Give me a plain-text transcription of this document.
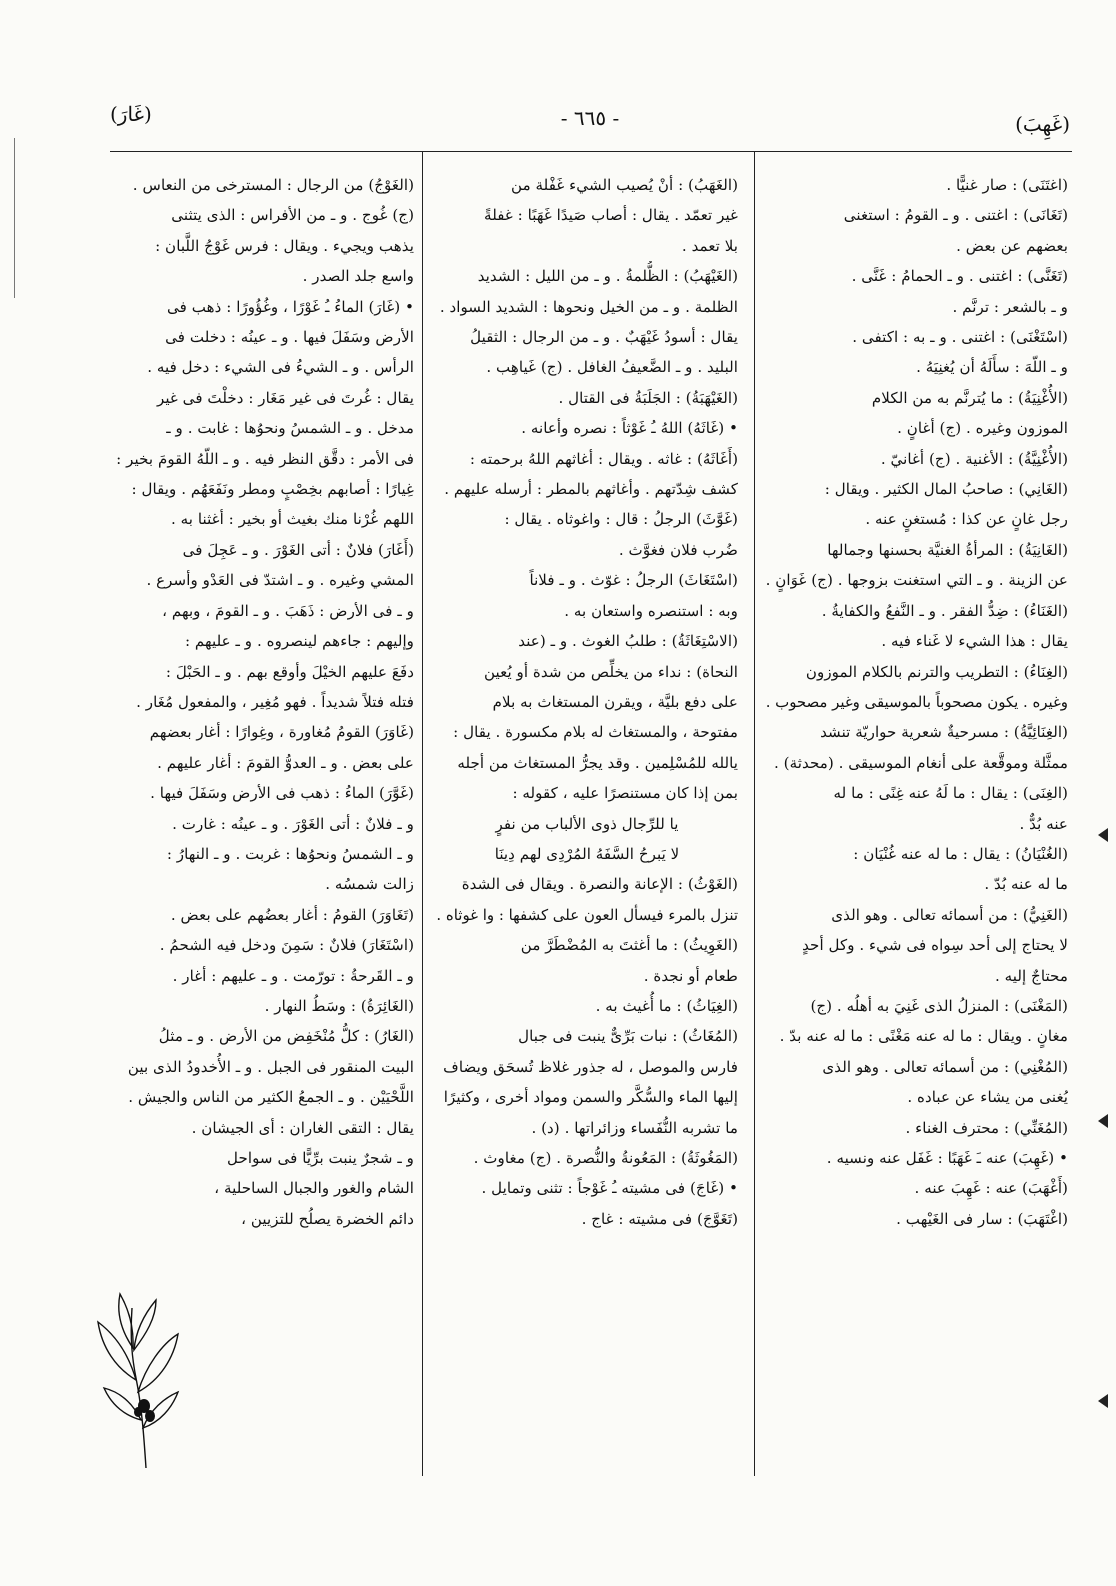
(غَهِبَ)
- ٦٦٥ -
(غَارَ)
(اغتَنَى) : صار غنيًّا .
(تَغَانَى) : اغتنى . و ـ القومُ : استغنى
بعضهم عن بعض .
(تَغَنَّى) : اغتنى . و ـ الحمامُ : غَنَّى .
و ـ بالشعر : ترنَّم .
(اسْتَغْنَى) : اغتنى . و ـ به : اكتفى .
و ـ اللّهَ : سأَلَهُ أن يُغنِيَهُ .
(الأُغْنِيَةُ) : ما يُترنَّم به من الكلام
الموزون وغيره . (ج) أغانٍ .
(الأُغْنِيَّةُ) : الأغنية . (ج) أغانيّ .
(الغَانِي) : صاحبُ المال الكثير . ويقال :
رجل غانٍ عن كذا : مُستغنٍ عنه .
(الغَانِيَةُ) : المرأةُ الغنيَّة بحسنها وجمالها
عن الزينة . و ـ التي استغنت بزوجها . (ج) غَوَانٍ .
(الغَنَاءُ) : ضِدُّ الفقر . و ـ النَّفعُ والكفايةُ .
يقال : هذا الشيء لا غَناء فيه .
(الغِنَاءُ) : التطريب والترنم بالكلام الموزون
وغيره . يكون مصحوباً بالموسيقى وغير مصحوب .
(الغِنَائِيَّةُ) : مسرحيةٌ شعرية حواريّة تنشد
ممثَّلة وموقَّعة على أنغام الموسيقى . (محدثة) .
(الغِنَى) : يقال : ما لَهُ عنه غِنًى : ما له
عنه بُدٌّ .
(الغُنْيَانُ) : يقال : ما له عنه غُنْيَان :
ما له عنه بُدّ .
(الغَنِيُّ) : من أسمائه تعالى . وهو الذى
لا يحتاج إلى أحد سِواه فى شيء . وكل أحدٍ
محتاجٌ إليه .
(المَغْنَى) : المنزلُ الذى غَنِيَ به أهلُه . (ج)
مغانٍ . ويقال : ما له عنه مَغْنًى : ما له عنه بدّ .
(المُغْنِي) : من أسمائه تعالى . وهو الذى
يُغنى من يشاء عن عباده .
(المُغَنِّي) : محترف الغناء .
• (غَهِبَ) عنه ـَ غَهَبًا : غَفَل عنه ونسيه .
(أَغْهَبَ) عنه : غَهِبَ عنه .
(اغْتَهَبَ) : سار فى الغَيْهب .
(الغَهَبُ) : أنْ يُصيب الشيء غَفْلة من
غير تعمّد . يقال : أصاب صَيدًا غَهَبًا : غفلةً
بلا تعمد .
(الغَيْهَبُ) : الظُّلمةُ . و ـ من الليل : الشديد
الظلمة . و ـ من الخيل ونحوها : الشديد السواد .
يقال : أسودُ غَيْهَبٌ . و ـ من الرجال : الثقيلُ
البليد . و ـ الضَّعيفُ الغافل . (ج) غَياهِب .
(الغَيْهَبَةُ) : الجَلَبَةُ فى القتال .
• (غَاثَهُ) اللهُ ـُ غَوْثاً : نصره وأعانه .
(أَغَاثَهُ) : غاثه . ويقال : أغاثهم اللهُ برحمته :
كشف شِدّتهم . وأغاثهم بالمطر : أرسله عليهم .
(غَوَّثَ) الرجلُ : قال : واغوثاه . يقال :
ضُرب فلان فغوَّث .
(اسْتَغَاثَ) الرجلُ : غوّث . و ـ فلاناً
وبه : استنصره واستعان به .
(الاسْتِغَاثَةُ) : طلبُ الغوث . و ـ (عند
النحاة) : نداء من يخلِّص من شدة أو يُعين
على دفع بليَّة ، ويقرن المستغاث به بلام
مفتوحة ، والمستغاث له بلام مكسورة . يقال :
يالله للمُسْلِمين . وقد يجرُّ المستغاث من أجله
بمن إذا كان مستنصرًا عليه ، كقوله :
يا للرِّجال ذوى الألباب من نفرٍ
لا يَبرحُ السَّفَهُ المُرْدِى لهم دِينَا
(الغَوْثُ) : الإعانة والنصرة . ويقال فى الشدة
تنزل بالمرء فيسأل العون على كشفها : وا غوثاه .
(الغَوِيثُ) : ما أغثتَ به المُضْطَرَّ من
طعام أو نجدة .
(الغِيَاثُ) : ما أُغيث به .
(المُغَاثُ) : نبات بَرِّىٌّ ينبت فى جبال
فارس والموصل ، له جذور غلاظ تُسحَق ويضاف
إليها الماء والسُّكَّر والسمن ومواد أخرى ، وكثيرًا
ما تشربه النُّفَساء وزائراتها . (د) .
(المَغُوثَةُ) : المَعُونةُ والنُّصرة . (ج) مغاوث .
• (غَاجَ) فى مشيته ـُ غَوْجاً : تثنى وتمايل .
(تَغَوَّجَ) فى مشيته : غاج .
(الغَوْجُ) من الرجال : المسترخى من النعاس .
(ج) غُوج . و ـ من الأفراس : الذى يتثنى
يذهب ويجيء . ويقال : فرس غَوْجُ اللَّبان :
واسع جلد الصدر .
• (غَارَ) الماءُ ـُ غَوْرًا ، وغُؤُورًا : ذهب فى
الأرض وسَفَلَ فيها . و ـ عينُه : دخلت فى
الرأس . و ـ الشيءُ فى الشيء : دخل فيه .
يقال : غُرتَ فى غير مَغَار : دخلْتَ فى غير
مدخل . و ـ الشمسُ ونحوُها : غابت . و ـ
فى الأمر : دقَّق النظر فيه . و ـ اللّهُ القومَ بخير :
غِيارًا : أصابهم بخِصْبٍ ومطر ونَفَعَهُم . ويقال :
اللهم غُرْنا منك بغيث أو بخير : أغثنا به .
(أَغَارَ) فلانٌ : أتى الغَوْرَ . و ـ عَجِلَ فى
المشي وغيره . و ـ اشتدّ فى العَدْو وأسرع .
و ـ فى الأرض : ذَهَبَ . و ـ القومَ ، وبهم ،
وإليهم : جاءهم لينصروه . و ـ عليهم :
دفَعَ عليهم الخيْلَ وأوقع بهم . و ـ الحَبْلَ :
فتله فتلاً شديداً . فهو مُغِير ، والمفعول مُغَار .
(غَاوَرَ) القومُ مُغاورة ، وغِوارًا : أغار بعضهم
على بعض . و ـ العدوُّ القومَ : أغار عليهم .
(غَوَّرَ) الماءُ : ذهب فى الأرض وسَفَلَ فيها .
و ـ فلانٌ : أتى الغَوْرَ . و ـ عينُه : غارت .
و ـ الشمسُ ونحوُها : غربت . و ـ النهارُ :
زالت شمسُه .
(تَغَاوَرَ) القومُ : أغار بعضُهم على بعض .
(اسْتَغَارَ) فلانٌ : سَمِنَ ودخل فيه الشحمُ .
و ـ القَرحةُ : تورّمت . و ـ عليهم : أغار .
(الغَائِرَةُ) : وسَطُ النهار .
(الغَارُ) : كلُّ مُنْخَفِض من الأرض . و ـ مثلُ
البيت المنقور فى الجبل . و ـ الأُخدودُ الذى بين
اللَّحْيَيْن . و ـ الجمعُ الكثير من الناس والجيش .
يقال : التقى الغاران : أى الجيشان .
و ـ شجرٌ ينبت برِّيًّا فى سواحل
الشام والغور والجبال الساحلية ،
دائم الخضرة يصلُح للتزيين ،
